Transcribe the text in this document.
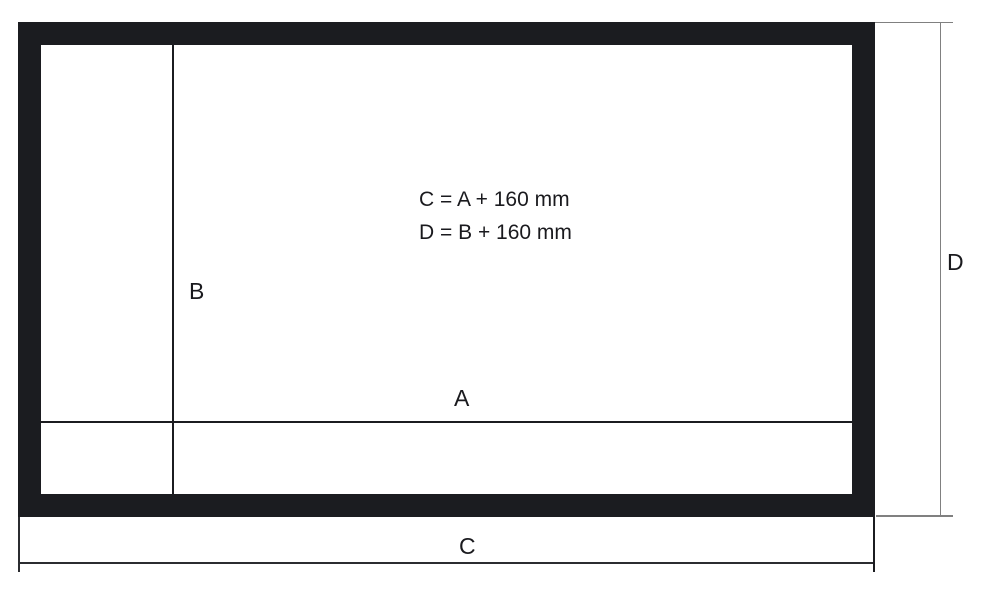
B
A
C = A + 160 mm
D = B + 160 mm
D
C
